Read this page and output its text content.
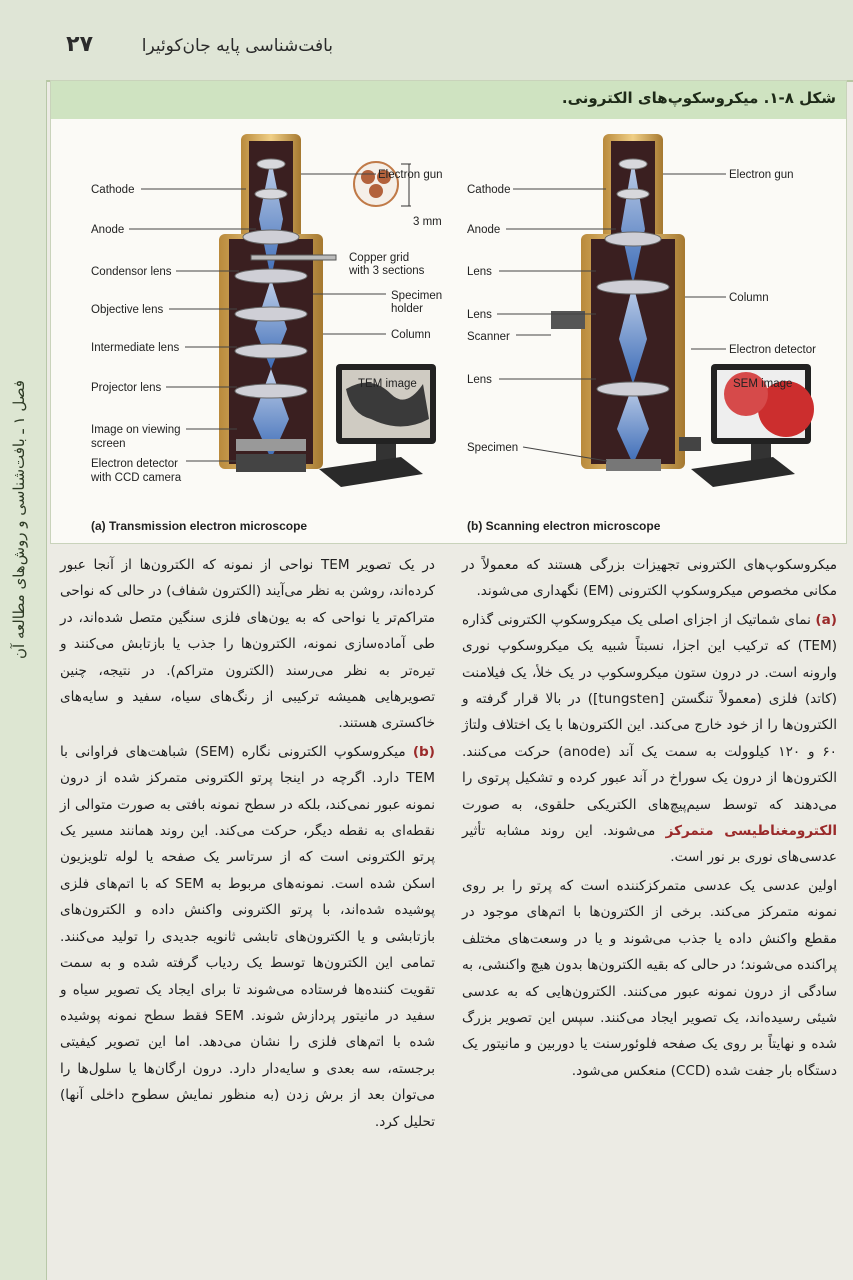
بافت‌شناسی پایه جان‌کوئیرا
۲۷
فصل ۱ ـ بافت‌شناسی و روش‌های مطالعه آن
شکل ۸-۱. میکروسکوپ‌های الکترونی.
Cathode
Anode
Condensor lens
Objective lens
Intermediate lens
Projector lens
Image on viewing
screen
Electron detector
with CCD camera
Electron gun
3 mm
Copper grid
with 3 sections
Specimen
holder
Column
TEM image
(a) Transmission electron microscope
Cathode
Anode
Lens
Lens
Scanner
Lens
Specimen
Electron gun
Column
Electron detector
SEM image
(b) Scanning electron microscope

میکروسکوپ‌های الکترونی تجهیزات بزرگی هستند که معمولاً در مکانی مخصوص میکروسکوپ الکترونی (EM) نگهداری می‌شوند.

(a) نمای شماتیک از اجزای اصلی یک میکروسکوپ الکترونی گذاره (TEM) که ترکیب این اجزا، نسبتاً شبیه یک میکروسکوپ نوری وارونه است. در درون ستون میکروسکوپ در یک خلأ، یک فیلامنت (کاتد) فلزی (معمولاً تنگستن [tungsten]) در بالا قرار گرفته و الکترون‌ها را از خود خارج می‌کند. این الکترون‌ها با یک اختلاف ولتاژ ۶۰ و ۱۲۰ کیلوولت به سمت یک آند (anode) حرکت می‌کنند. الکترون‌ها از درون یک سوراخ در آند عبور کرده و تشکیل پرتوی را می‌دهند که توسط سیم‌پیچ‌های الکتریکی حلقوی، به صورت الکترومغناطیسی متمرکز می‌شوند. این روند مشابه تأثیر عدسی‌های نوری بر نور است.

اولین عدسی یک عدسی متمرکزکننده است که پرتو را بر روی نمونه متمرکز می‌کند. برخی از الکترون‌ها با اتم‌های موجود در مقطع واکنش داده یا جذب می‌شوند و یا در وسعت‌های مختلف پراکنده می‌شوند؛ در حالی که بقیه الکترون‌ها بدون هیچ واکنشی، به سادگی از درون نمونه عبور می‌کنند. الکترون‌هایی که به عدسی شیئی رسیده‌اند، یک تصویر ایجاد می‌کنند. سپس این تصویر بزرگ شده و نهایتاً بر روی یک صفحه فلوئورسنت یا دوربین و مانیتور یک دستگاه بار جفت شده (CCD) منعکس می‌شود.

در یک تصویر TEM نواحی از نمونه که الکترون‌ها از آنجا عبور کرده‌اند، روشن به نظر می‌آیند (الکترون شفاف) در حالی که نواحی متراکم‌تر یا نواحی که به یون‌های فلزی سنگین متصل شده‌اند، در طی آماده‌سازی نمونه، الکترون‌ها را جذب یا بازتابش می‌کنند و تیره‌تر به نظر می‌رسند (الکترون متراکم). در نتیجه، چنین تصویرهایی همیشه ترکیبی از رنگ‌های سیاه، سفید و سایه‌های خاکستری هستند.

(b) میکروسکوپ الکترونی نگاره (SEM) شباهت‌های فراوانی با TEM دارد. اگرچه در اینجا پرتو الکترونی متمرکز شده از درون نمونه عبور نمی‌کند، بلکه در سطح نمونه بافتی به صورت متوالی از نقطه‌ای به نقطه دیگر، حرکت می‌کند. این روند همانند مسیر یک پرتو الکترونی است که از سرتاسر یک صفحه یا لوله تلویزیون اسکن شده است. نمونه‌های مربوط به SEM که با اتم‌های فلزی پوشیده شده‌اند، با پرتو الکترونی واکنش داده و الکترون‌های بازتابشی و یا الکترون‌های تابشی ثانویه جدیدی را تولید می‌کنند. تمامی این الکترون‌ها توسط یک ردیاب گرفته شده و به سمت تقویت کننده‌ها فرستاده می‌شوند تا برای ایجاد یک تصویر سیاه و سفید در مانیتور پردازش شوند. SEM فقط سطح نمونه پوشیده شده با اتم‌های فلزی را نشان می‌دهد. اما این تصویر کیفیتی برجسته، سه بعدی و سایه‌دار دارد. درون ارگان‌ها یا سلول‌ها را می‌توان بعد از برش زدن (به منظور نمایش سطوح داخلی آنها) تحلیل کرد.
